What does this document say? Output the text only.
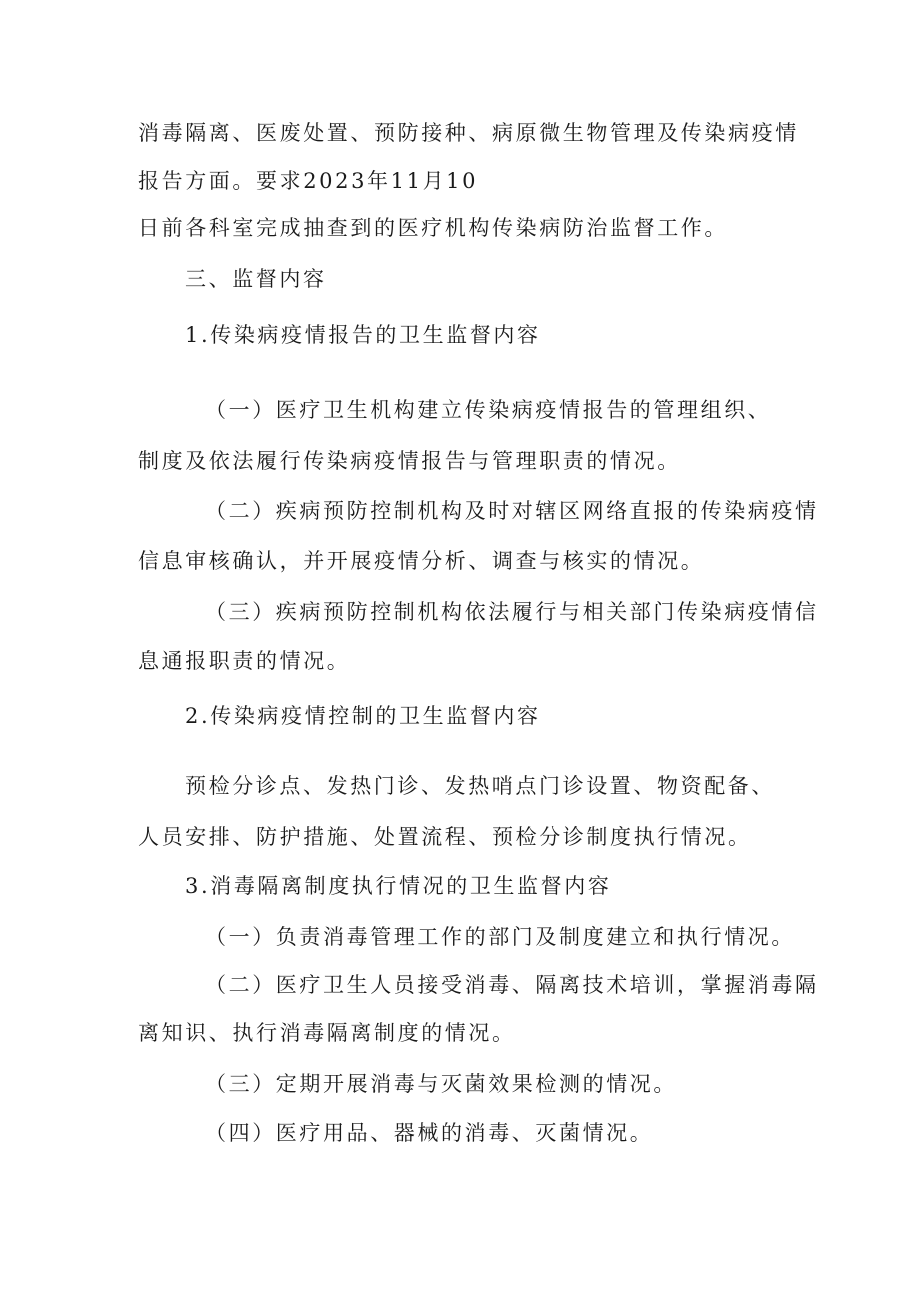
消毒隔离、医废处置、预防接种、病原微生物管理及传染病疫情
报告方面。要求2023年11月10
日前各科室完成抽查到的医疗机构传染病防治监督工作。
三、监督内容
1.传染病疫情报告的卫生监督内容
（一）医疗卫生机构建立传染病疫情报告的管理组织、
制度及依法履行传染病疫情报告与管理职责的情况。
（二）疾病预防控制机构及时对辖区网络直报的传染病疫情
信息审核确认，并开展疫情分析、调查与核实的情况。
（三）疾病预防控制机构依法履行与相关部门传染病疫情信
息通报职责的情况。
2.传染病疫情控制的卫生监督内容
预检分诊点、发热门诊、发热哨点门诊设置、物资配备、
人员安排、防护措施、处置流程、预检分诊制度执行情况。
3.消毒隔离制度执行情况的卫生监督内容
（一）负责消毒管理工作的部门及制度建立和执行情况。
（二）医疗卫生人员接受消毒、隔离技术培训，掌握消毒隔
离知识、执行消毒隔离制度的情况。
（三）定期开展消毒与灭菌效果检测的情况。
（四）医疗用品、器械的消毒、灭菌情况。
